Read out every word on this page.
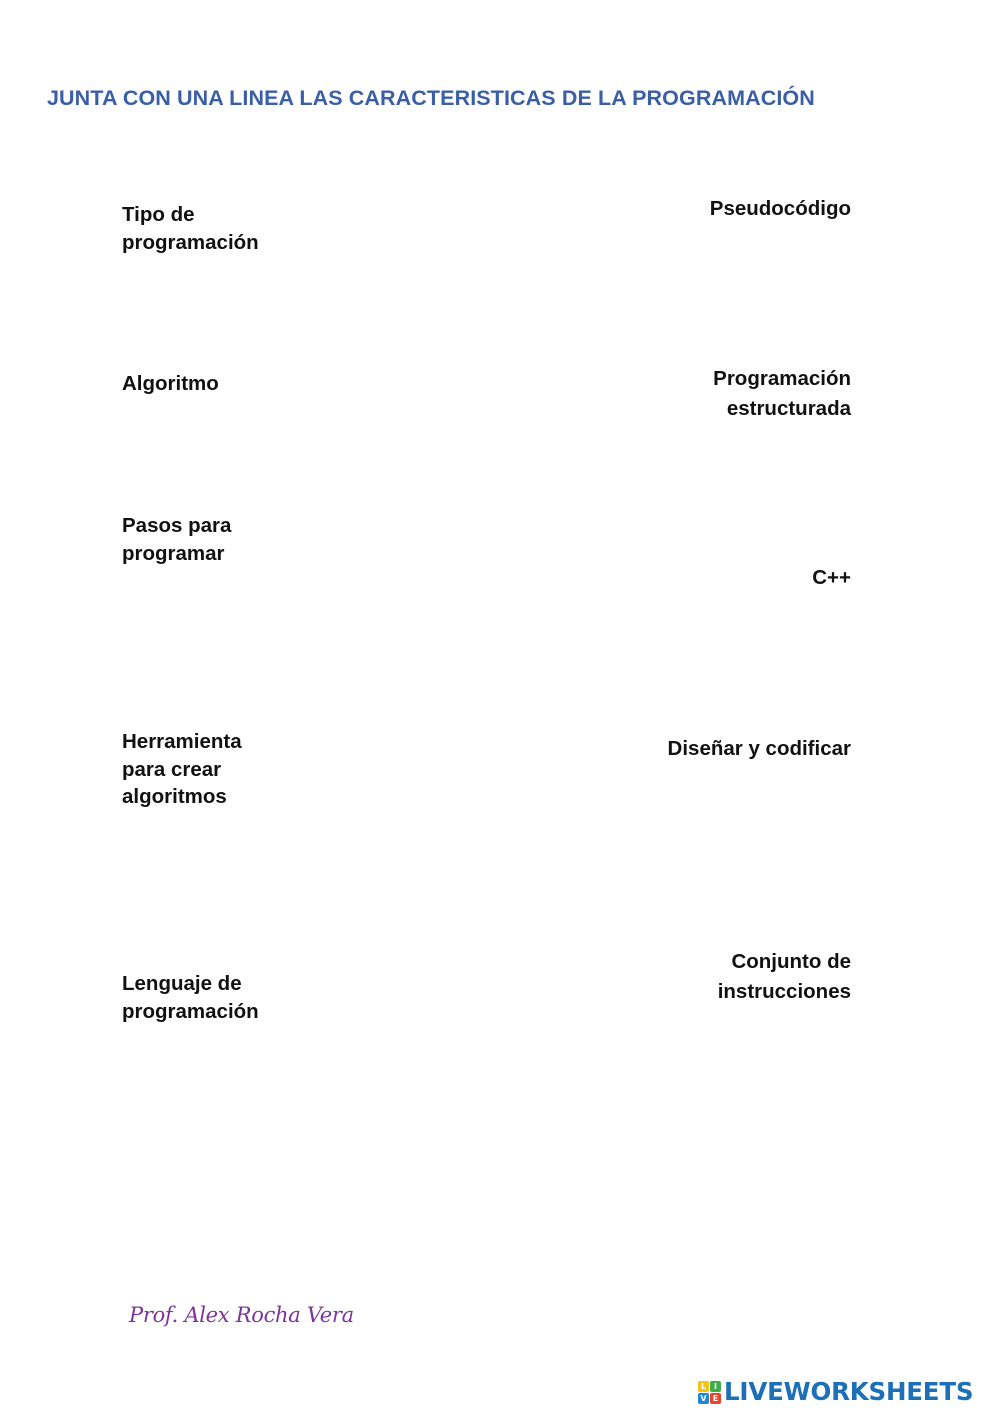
JUNTA CON UNA LINEA LAS CARACTERISTICAS DE LA PROGRAMACIÓN
Tipo de
programación
Algoritmo
Pasos para
programar
Herramienta
para crear
algoritmos
Lenguaje de
programación
Pseudocódigo
Programación
estructurada
C++
Diseñar y codificar
Conjunto de
instrucciones
Prof. Alex Rocha Vera
L I
V E LIVEWORKSHEETS
